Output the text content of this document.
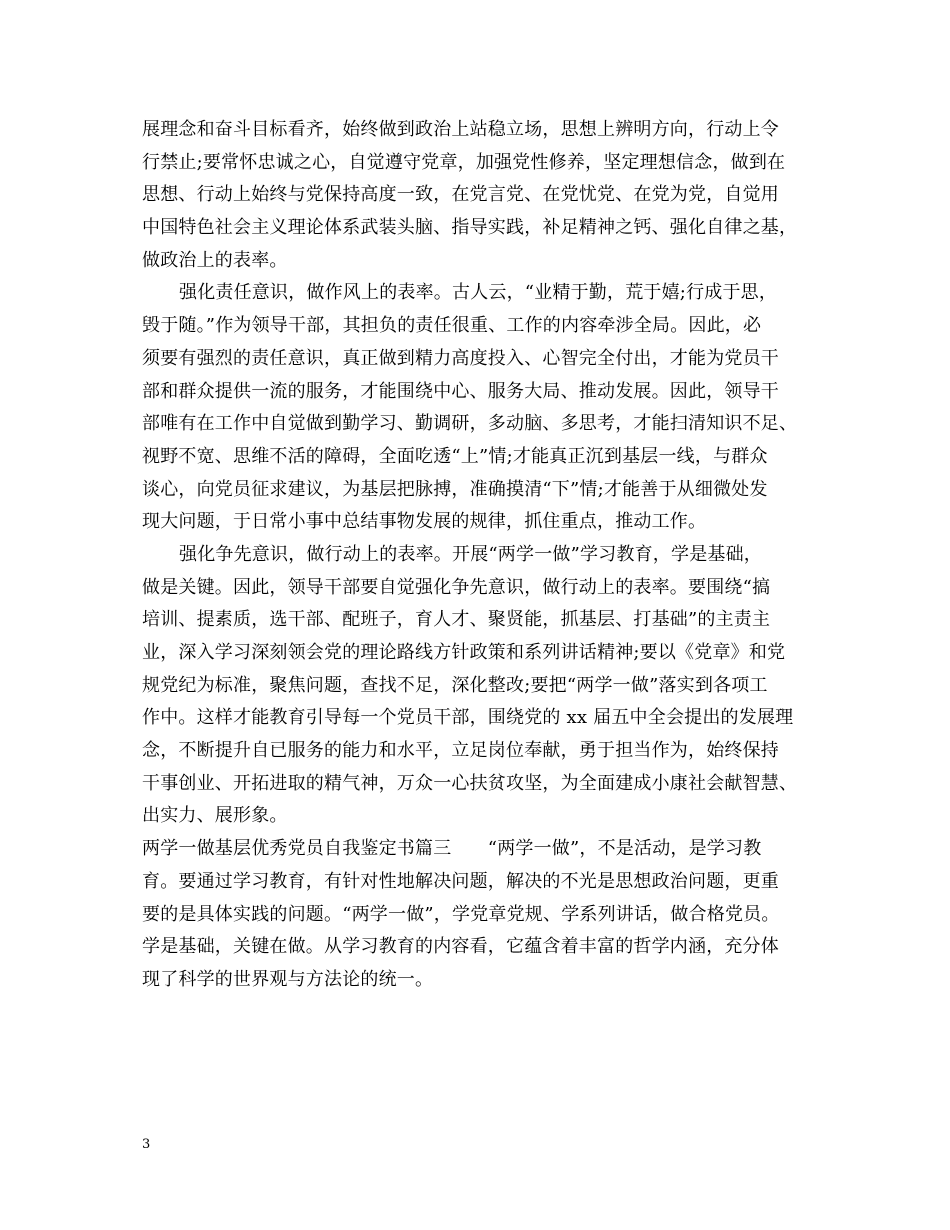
展理念和奋斗目标看齐，始终做到政治上站稳立场，思想上辨明方向，行动上令
行禁止;要常怀忠诚之心，自觉遵守党章，加强党性修养，坚定理想信念，做到在
思想、行动上始终与党保持高度一致，在党言党、在党忧党、在党为党，自觉用
中国特色社会主义理论体系武装头脑、指导实践，补足精神之钙、强化自律之基，
做政治上的表率。
强化责任意识，做作风上的表率。古人云，“业精于勤，荒于嬉;行成于思，
毁于随。”作为领导干部，其担负的责任很重、工作的内容牵涉全局。因此，必
须要有强烈的责任意识，真正做到精力高度投入、心智完全付出，才能为党员干
部和群众提供一流的服务，才能围绕中心、服务大局、推动发展。因此，领导干
部唯有在工作中自觉做到勤学习、勤调研，多动脑、多思考，才能扫清知识不足、
视野不宽、思维不活的障碍，全面吃透“上”情;才能真正沉到基层一线，与群众
谈心，向党员征求建议，为基层把脉搏，准确摸清“下”情;才能善于从细微处发
现大问题，于日常小事中总结事物发展的规律，抓住重点，推动工作。
强化争先意识，做行动上的表率。开展“两学一做”学习教育，学是基础，
做是关键。因此，领导干部要自觉强化争先意识，做行动上的表率。要围绕“搞
培训、提素质，选干部、配班子，育人才、聚贤能，抓基层、打基础”的主责主
业，深入学习深刻领会党的理论路线方针政策和系列讲话精神;要以《党章》和党
规党纪为标准，聚焦问题，查找不足，深化整改;要把“两学一做”落实到各项工
作中。这样才能教育引导每一个党员干部，围绕党的 xx 届五中全会提出的发展理
念，不断提升自已服务的能力和水平，立足岗位奉献，勇于担当作为，始终保持
干事创业、开拓进取的精气神，万众一心扶贫攻坚，为全面建成小康社会献智慧、
出实力、展形象。
两学一做基层优秀党员自我鉴定书篇三　　“两学一做”，不是活动，是学习教
育。要通过学习教育，有针对性地解决问题，解决的不光是思想政治问题，更重
要的是具体实践的问题。“两学一做”，学党章党规、学系列讲话，做合格党员。
学是基础，关键在做。从学习教育的内容看，它蕴含着丰富的哲学内涵，充分体
现了科学的世界观与方法论的统一。
3
